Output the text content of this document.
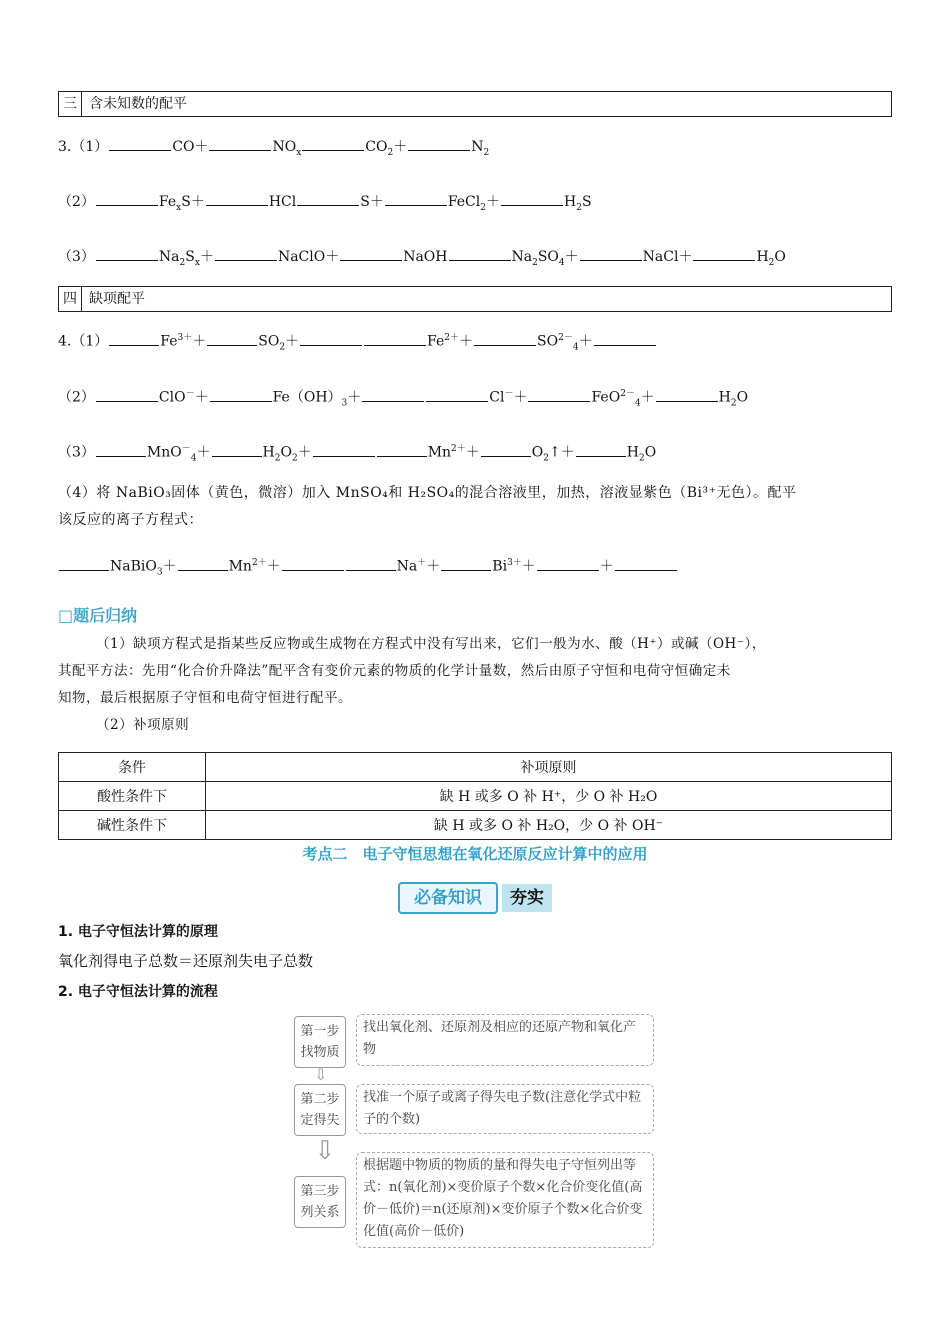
三 含未知数的配平
3.（1）	CO＋	$NO_x$	$CO_2+$	$N_2$
（2）	$Fe_xS+$	HCl	S＋	FeCl$_2$＋	$H_2S$
（3）	$Na_2S_x+$	NaClO＋	NaOH	$Na_2SO_4+$	NaCl＋	$H_2O$
四 缺项配平
4.（1）	$Fe^{3+}+$	$SO_2+$	$Fe^{2+}+$	$SO^{2-}_4+$
（2）	ClO－＋	$Fe(OH)_3+$	Cl－＋	FeO$^{2-}_4$＋	$H_2O$
（3）	MnO－$_4$＋	$H_2O_2+$	$Mn^{2+}+$	$O_2↑+$	$H_2O$
（4）将 NaBiO₃固体（黄色，微溶）加入 MnSO₄和 H₂SO₄的混合溶液里，加热，溶液显紫色（Bi³⁺无色）。配平
该反应的离子方程式：
NaBiO$_3$＋	$Mn^{2+}+$	Na＋＋	$Bi^{3+}+$	＋
□题后归纳
（1）缺项方程式是指某些反应物或生成物在方程式中没有写出来，它们一般为水、酸（H⁺）或碱（OH⁻），
其配平方法：先用“化合价升降法”配平含有变价元素的物质的化学计量数，然后由原子守恒和电荷守恒确定未
知物，最后根据原子守恒和电荷守恒进行配平。
（2）补项原则
条件	补项原则
酸性条件下	缺 H 或多 O 补 H⁺，少 O 补 H₂O
碱性条件下	缺 H 或多 O 补 H₂O，少 O 补 OH⁻
考点二　电子守恒思想在氧化还原反应计算中的应用
必备知识	夯实
1. 电子守恒法计算的原理
氧化剂得电子总数＝还原剂失电子总数
2. 电子守恒法计算的流程
第一步
找物质
找出氧化剂、还原剂及相应的还原产物和氧化产物
⇩
第二步
定得失
找准一个原子或离子得失电子数(注意化学式中粒子的个数)
⇩
第三步
列关系
根据题中物质的物质的量和得失电子守恒列出等式：n(氧化剂)×变价原子个数×化合价变化值(高价－低价)＝n(还原剂)×变价原子个数×化合价变化值(高价－低价)
